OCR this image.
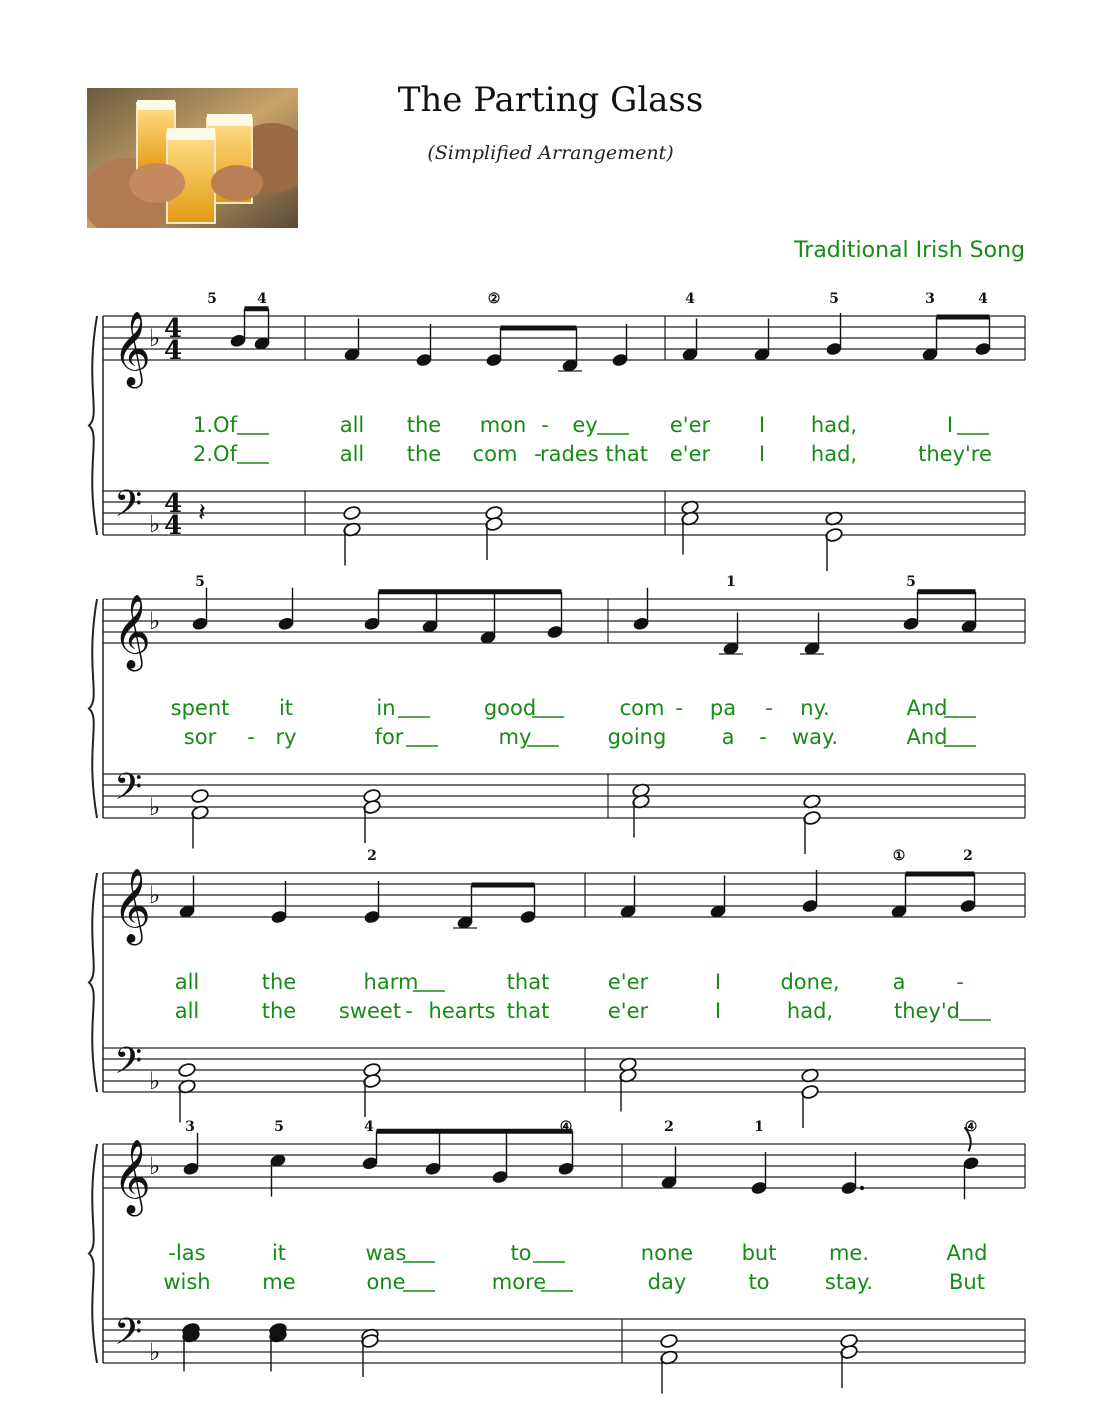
The Parting Glass
(Simplified Arrangement)
Traditional Irish Song
𝄞
𝄢
♭
♭
4
4
4
4 𝄽
5	4	②	4	5	3	4
1.Of	all the mon - ey	e'er I had,	I
2.Of	all the com -
rades that e'er I had,	they're
𝄞
𝄢
♭
♭
5	1	5
spent it	in	good	com - pa - ny.	And
sor - ry	for	my	going	a - way.	And
𝄞
𝄢
♭
♭
2	①	2
all	the	harm	that	e'er	I	done,	a -
all	the sweet - hearts that	e'er	I	had,	they'd
𝄞
𝄢
♭
♭
3	5	4	④	2	1	④
-las	it	was	to	none but	me.	And
wish me	one	more	day	to	stay.	But
